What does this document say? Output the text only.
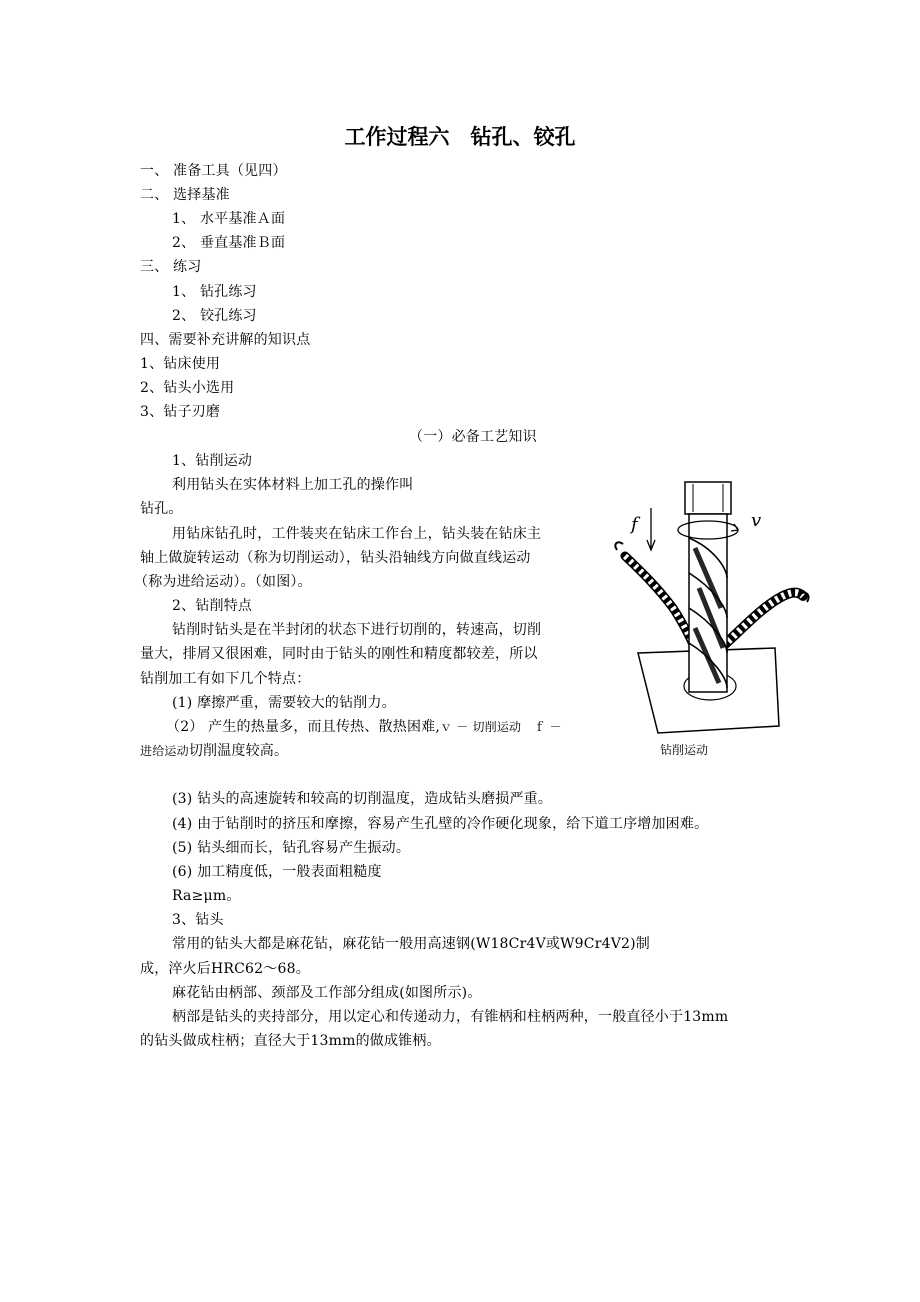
工作过程六　钻孔、铰孔
一、 准备工具（见四）
二、 选择基准
1、 水平基准Ａ面
2、 垂直基准Ｂ面
三、 练习
1、 钻孔练习
2、 铰孔练习
四、需要补充讲解的知识点
1、钻床使用
2、钻头小选用
3、钻子刃磨
（一）必备工艺知识
1、钻削运动
利用钻头在实体材料上加工孔的操作叫
钻孔。
用钻床钻孔时，工件装夹在钻床工作台上，钻头装在钻床主
轴上做旋转运动（称为切削运动），钻头沿轴线方向做直线运动
（称为进给运动）。（如图）。
2、钻削特点
钻削时钻头是在半封闭的状态下进行切削的，转速高，切削
量大，排屑又很困难，同时由于钻头的刚性和精度都较差，所以
钻削加工有如下几个特点：
(1) 摩擦严重，需要较大的钻削力。
（2） 产生的热量多，而且传热、散热困难,ｖ － 切削运动　ｆ －
进给运动切削温度较高。
(3) 钻头的高速旋转和较高的切削温度，造成钻头磨损严重。
(4) 由于钻削时的挤压和摩擦，容易产生孔壁的冷作硬化现象，给下道工序增加困难。
(5) 钻头细而长，钻孔容易产生振动。
(6) 加工精度低，一般表面粗糙度
Ra≥μm。
3、钻头
常用的钻头大都是麻花钻，麻花钻一般用高速钢(W18Cr4V或W9Cr4V2)制
成，淬火后HRC62～68。
麻花钻由柄部、颈部及工作部分组成(如图所示)。
柄部是钻头的夹持部分，用以定心和传递动力，有锥柄和柱柄两种，一般直径小于13mm
的钻头做成柱柄；直径大于13mm的做成锥柄。
f	v
钻削运动
